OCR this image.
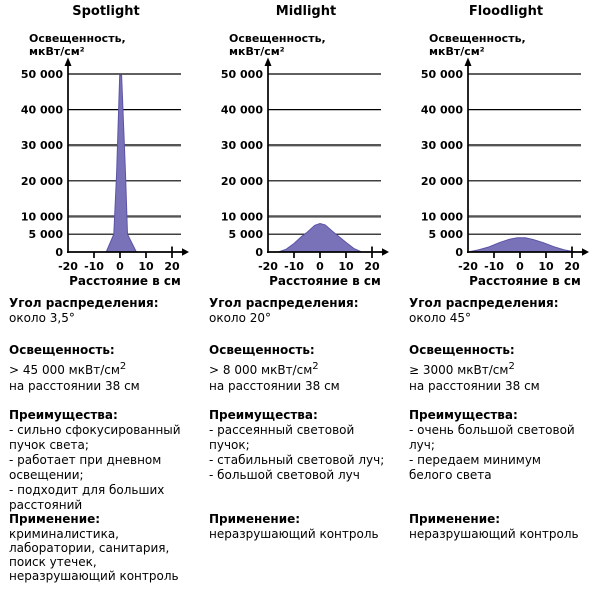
Spotlight
Освещенность,
мкВт/см²
50 000
40 000
30 000
20 000
10 000
5 000
0
-20 -10 0 10 20
Расстояние в см
Угол распределения:
около 3,5°
Освещенность:
> 45 000 мкВт/$см^2$
на расстоянии 38 см
Преимущества:
- сильно сфокусированный пучок света;
- работает при дневном освещении;
- подходит для больших расстояний
Применение:
криминалистика,
лаборатории, санитария,
поиск утечек,
неразрушающий контроль
Midlight
Освещенность,
мкВт/см²
50 000
40 000
30 000
20 000
10 000
5 000
0
-20 -10 0 10 20
Расстояние в см
Угол распределения:
около 20°
Освещенность:
> 8 000 мкВт/$см^2$
на расстоянии 38 см
Преимущества:
- рассеянный световой пучок;
- стабильный световой луч;
- большой световой луч
Применение:
неразрушающий контроль
Floodlight
Освещенность,
мкВт/см²
50 000
40 000
30 000
20 000
10 000
5 000
0
-20 -10 0 10 20
Расстояние в см
Угол распределения:
около 45°
Освещенность:
≥ 3000 мкВт/$см^2$
на расстоянии 38 см
Преимущества:
- очень большой световой луч;
- передаем минимум белого света
Применение:
неразрушающий контроль
